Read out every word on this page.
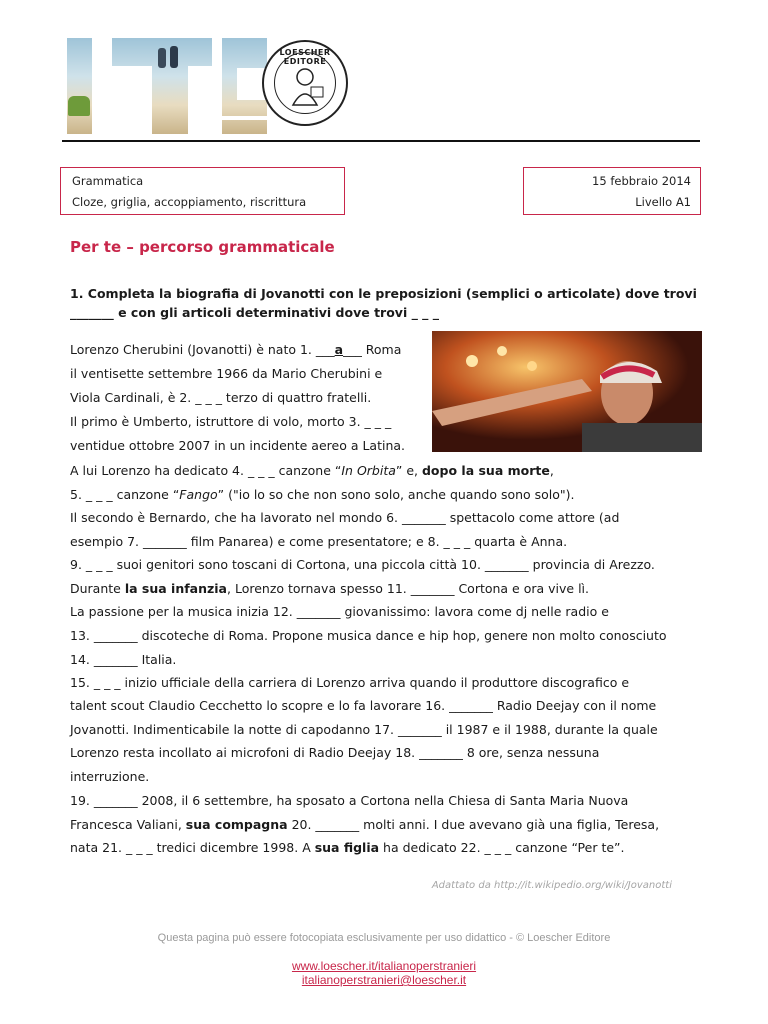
LOESCHER EDITORE
Grammatica
Cloze, griglia, accoppiamento, riscrittura
15 febbraio 2014
Livello A1
Per te – percorso grammaticale
1. Completa la biografia di Jovanotti con le preposizioni (semplici o articolate) dove trovi
_______ e con gli articoli determinativi dove trovi _ _ _
Lorenzo Cherubini (Jovanotti) è nato 1. ___a___ Roma
il ventisette settembre 1966 da Mario Cherubini e
Viola Cardinali, è 2. _ _ _ terzo di quattro fratelli.
Il primo è Umberto, istruttore di volo, morto 3. _ _ _
ventidue ottobre 2007 in un incidente aereo a Latina.
A lui Lorenzo ha dedicato 4. _ _ _ canzone “In Orbita” e, dopo la sua morte,
5. _ _ _ canzone “Fango” ("io lo so che non sono solo, anche quando sono solo").
Il secondo è Bernardo, che ha lavorato nel mondo 6. _______ spettacolo come attore (ad
esempio 7. _______ film Panarea) e come presentatore; e 8. _ _ _ quarta è Anna.
9. _ _ _ suoi genitori sono toscani di Cortona, una piccola città 10. _______ provincia di Arezzo.
Durante la sua infanzia, Lorenzo tornava spesso 11. _______ Cortona e ora vive lì.
La passione per la musica inizia 12. _______ giovanissimo: lavora come dj nelle radio e
13. _______ discoteche di Roma. Propone musica dance e hip hop, genere non molto conosciuto
14. _______ Italia.
15. _ _ _ inizio ufficiale della carriera di Lorenzo arriva quando il produttore discografico e
talent scout Claudio Cecchetto lo scopre e lo fa lavorare 16. _______ Radio Deejay con il nome
Jovanotti. Indimenticabile la notte di capodanno 17. _______ il 1987 e il 1988, durante la quale
Lorenzo resta incollato ai microfoni di Radio Deejay 18. _______ 8 ore, senza nessuna
interruzione.
19. _______ 2008, il 6 settembre, ha sposato a Cortona nella Chiesa di Santa Maria Nuova
Francesca Valiani, sua compagna 20. _______ molti anni. I due avevano già una figlia, Teresa,
nata 21. _ _ _ tredici dicembre 1998. A sua figlia ha dedicato 22. _ _ _ canzone “Per te”.
Adattato da http://it.wikipedio.org/wiki/Jovanotti
Questa pagina può essere fotocopiata esclusivamente per uso didattico - © Loescher Editore
www.loescher.it/italianoperstranieri
italianoperstranieri@loescher.it
